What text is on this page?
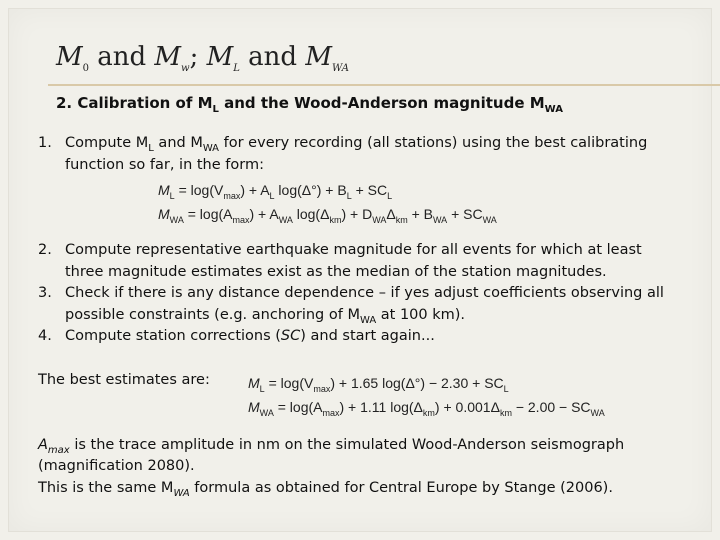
$M_0$ and $M_w$; $M_L$ and $M_{WA}$
2. Calibration of $M_L$ and the Wood-Anderson magnitude $M_{WA}$
1. Compute $M_L$ and $M_{WA}$ for every recording (all stations) using the best calibrating
function so far, in the form:
$M_L = \log(V_{max}) + A_L$ $\log(\Delta^\circ) + B_L + SC_L$
$M_{WA} = \log(A_{max}) + A_{WA}$ $\log(\Delta_{km}) + D_{WA}\Delta_{km} + B_{WA} + SC_{WA}$
2. Compute representative earthquake magnitude for all events for which at least
three magnitude estimates exist as the median of the station magnitudes.
3. Check if there is any distance dependence – if yes adjust coefficients observing all
possible constraints (e.g. anchoring of $M_{WA}$ at 100 km).
4. Compute station corrections (SC) and start again...
The best estimates are:	$M_L = \log(V_{max}) + 1.65$ $\log(\Delta^\circ) - 2.30 + SC_L$
$M_{WA} = \log(A_{max}) + 1.11$ $\log(\Delta_{km}) + 0.001\Delta_{km} - 2.00 - SC_{WA}$
$A_{max}$ is the trace amplitude in nm on the simulated Wood-Anderson seismograph
(magnification 2080).
This is the same $M_{WA}$ formula as obtained for Central Europe by Stange (2006).
